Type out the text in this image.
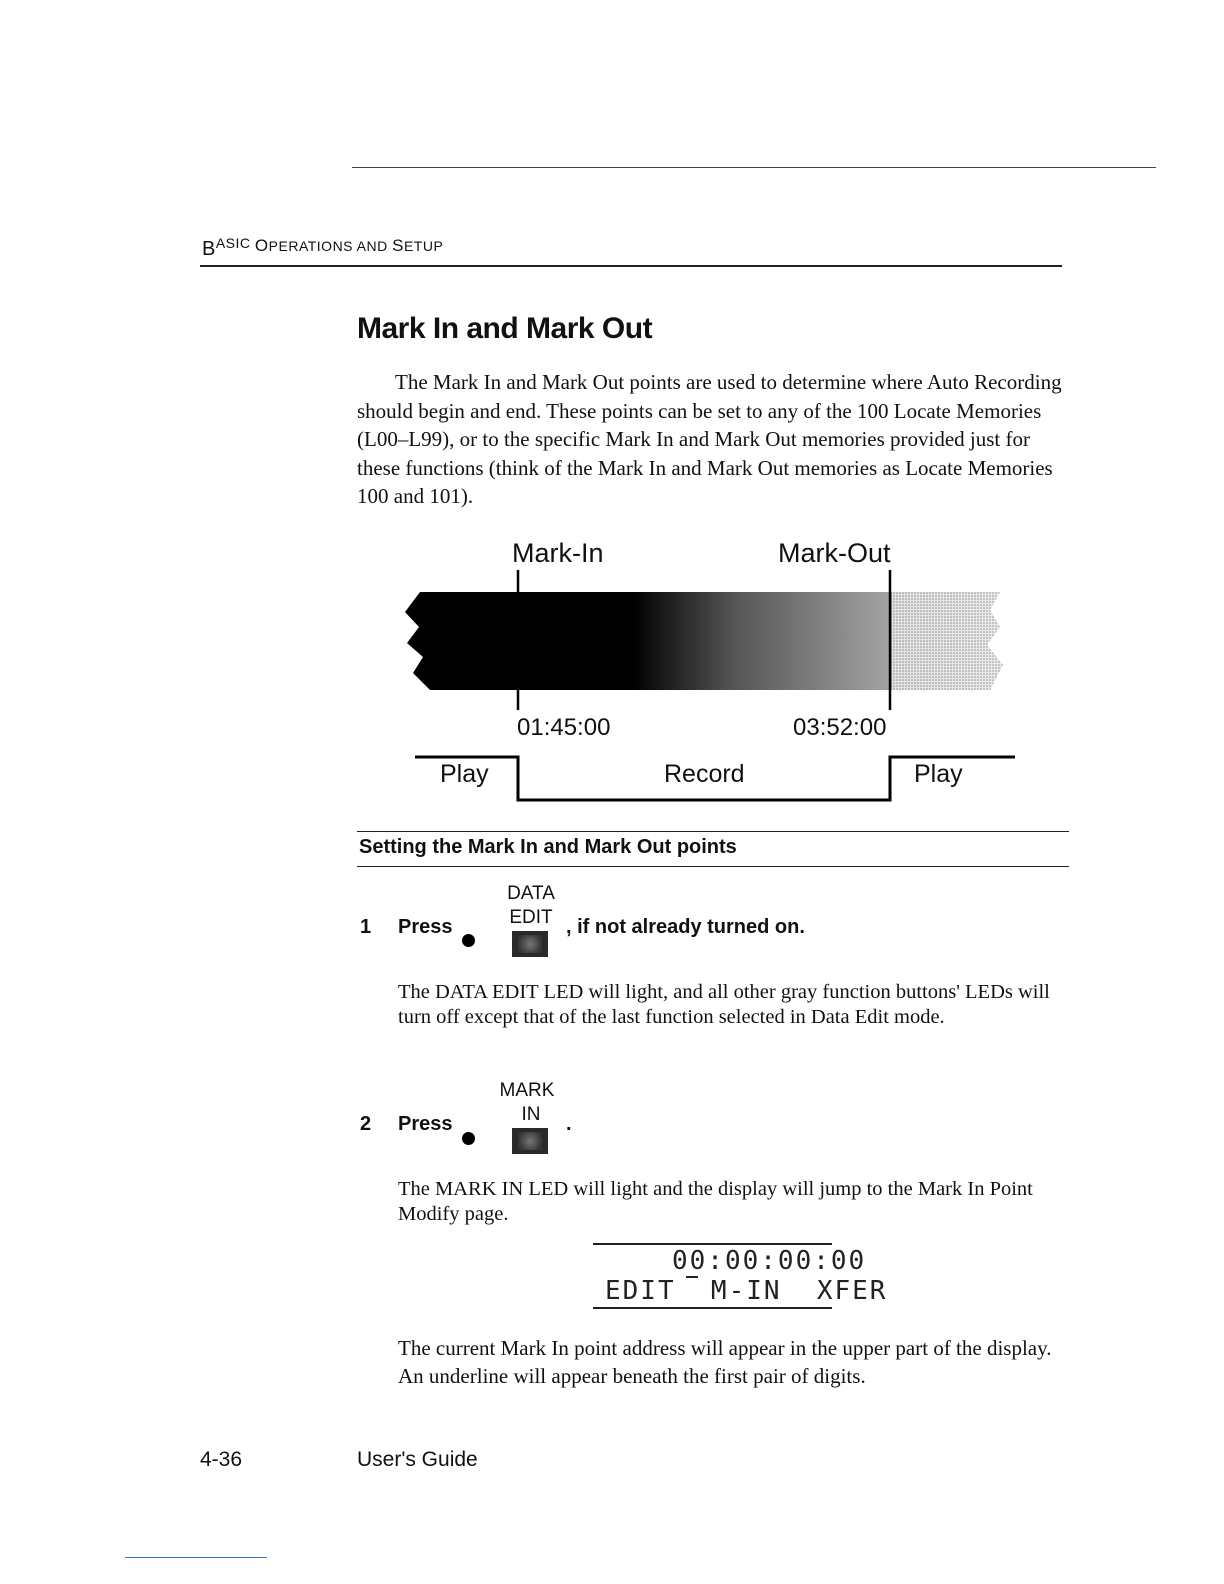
BASIC OPERATIONS AND SETUP
Mark In and Mark Out

The Mark In and Mark Out points are used to determine where Auto Recording should begin and end. These points can be set to any of the 100 Locate Memories (L00–L99), or to the specific Mark In and Mark Out memories provided just for these functions (think of the Mark In and Mark Out memories as Locate Memories 100 and 101).

Mark-In	Mark-Out
01:45:00	03:52:00
Play	Record	Play
Setting the Mark In and Mark Out points
1 Press
DATA
EDIT , if not already turned on.

The DATA EDIT LED will light, and all other gray function buttons' LEDs will turn off except that of the last function selected in Data Edit mode.

2 Press
MARK
IN	.

The MARK IN LED will light and the display will jump to the Mark In Point Modify page.

00:00:00:00
EDIT  M-IN  XFER

The current Mark In point address will appear in the upper part of the display. An underline will appear beneath the first pair of digits.

4-36	User's Guide
